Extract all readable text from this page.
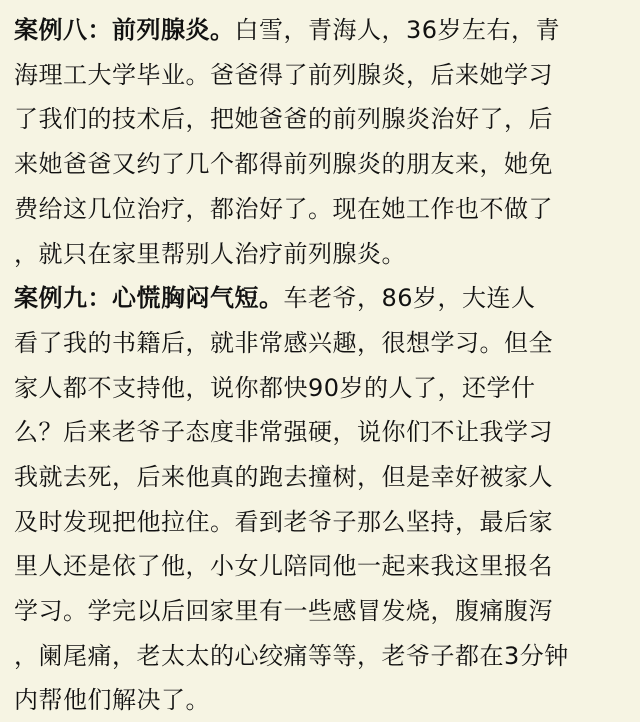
案例八：前列腺炎。白雪，青海人，36岁左右，青
海理工大学毕业。爸爸得了前列腺炎，后来她学习
了我们的技术后，把她爸爸的前列腺炎治好了，后
来她爸爸又约了几个都得前列腺炎的朋友来，她免
费给这几位治疗，都治好了。现在她工作也不做了
，就只在家里帮别人治疗前列腺炎。
案例九：心慌胸闷气短。车老爷，86岁，大连人
看了我的书籍后，就非常感兴趣，很想学习。但全
家人都不支持他，说你都快90岁的人了，还学什
么？后来老爷子态度非常强硬，说你们不让我学习
我就去死，后来他真的跑去撞树，但是幸好被家人
及时发现把他拉住。看到老爷子那么坚持，最后家
里人还是依了他，小女儿陪同他一起来我这里报名
学习。学完以后回家里有一些感冒发烧，腹痛腹泻
，阑尾痛，老太太的心绞痛等等，老爷子都在3分钟
内帮他们解决了。
